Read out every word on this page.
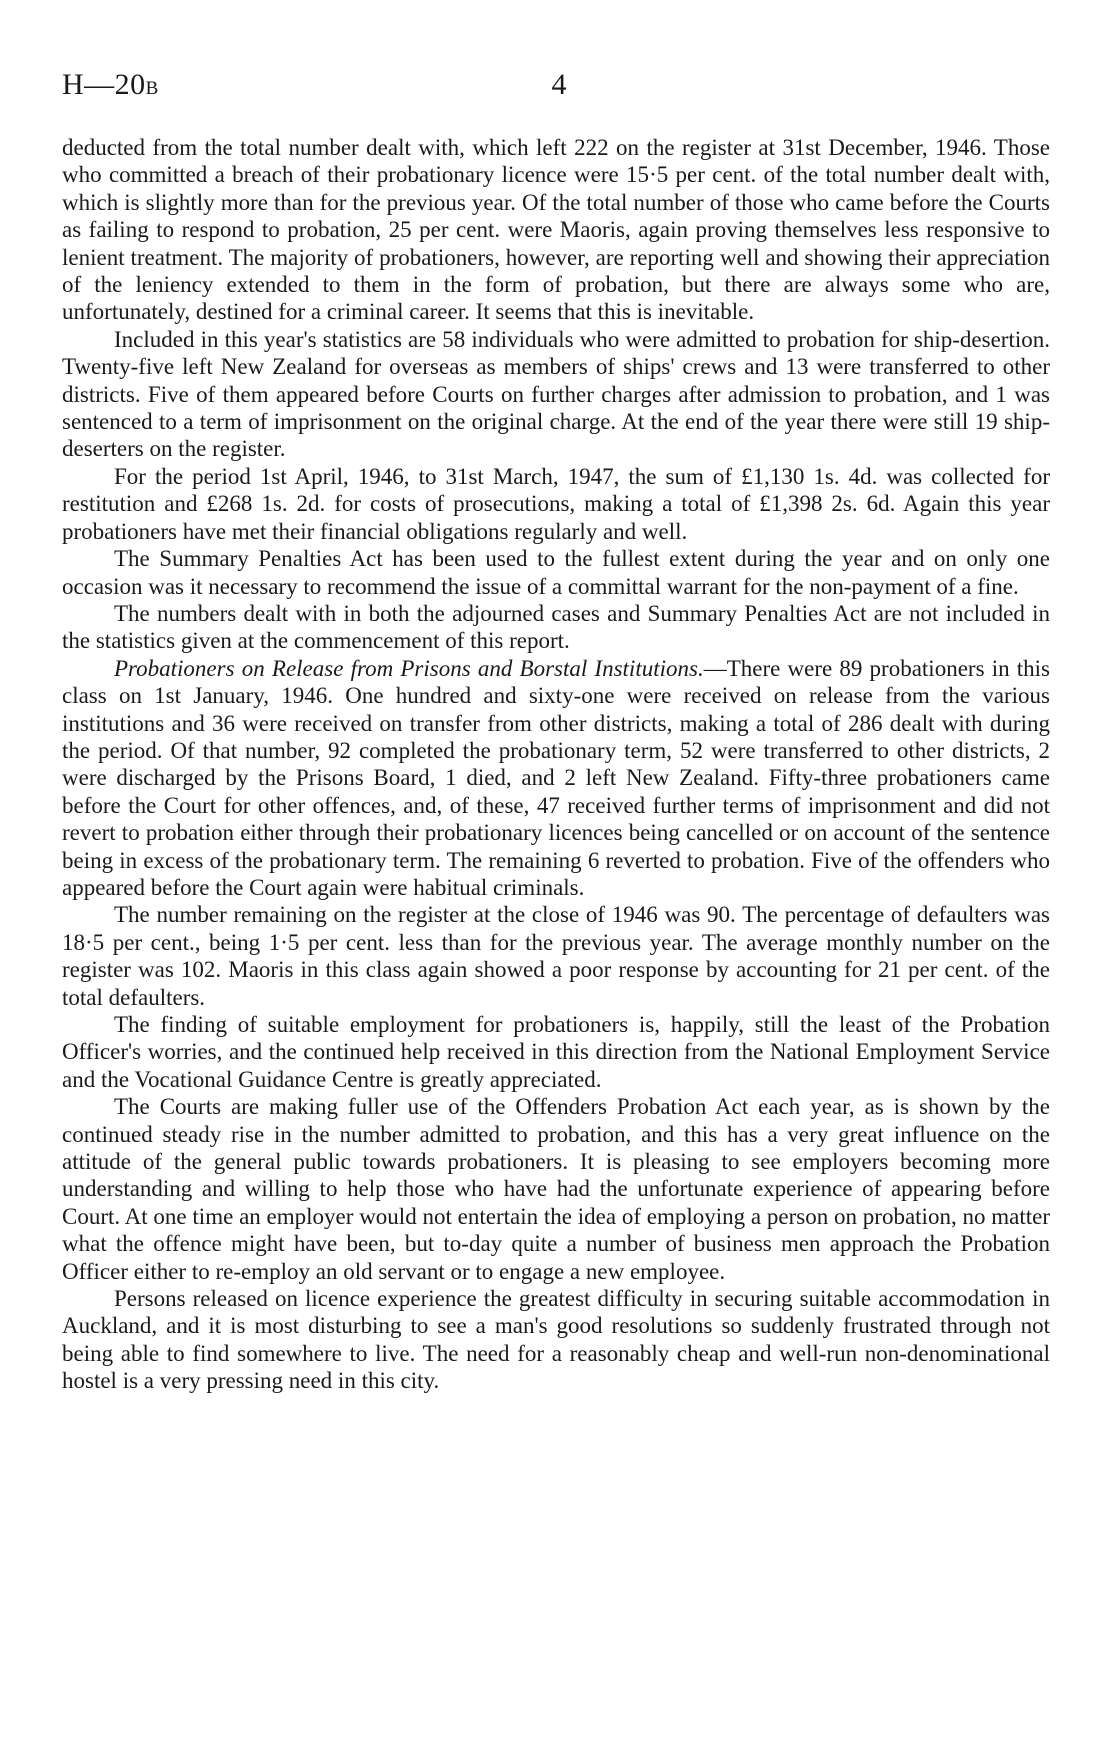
H—20B	4

deducted from the total number dealt with, which left 222 on the register at 31st December, 1946. Those who committed a breach of their probationary licence were 15·5 per cent. of the total number dealt with, which is slightly more than for the previous year. Of the total number of those who came before the Courts as failing to respond to probation, 25 per cent. were Maoris, again proving themselves less responsive to lenient treatment. The majority of probationers, however, are reporting well and showing their appreciation of the leniency extended to them in the form of probation, but there are always some who are, unfortunately, destined for a criminal career. It seems that this is inevitable.

Included in this year's statistics are 58 individuals who were admitted to probation for ship-desertion. Twenty-five left New Zealand for overseas as members of ships' crews and 13 were transferred to other districts. Five of them appeared before Courts on further charges after admission to probation, and 1 was sentenced to a term of imprisonment on the original charge. At the end of the year there were still 19 ship-deserters on the register.

For the period 1st April, 1946, to 31st March, 1947, the sum of £1,130 1s. 4d. was collected for restitution and £268 1s. 2d. for costs of prosecutions, making a total of £1,398 2s. 6d. Again this year probationers have met their financial obligations regularly and well.

The Summary Penalties Act has been used to the fullest extent during the year and on only one occasion was it necessary to recommend the issue of a committal warrant for the non-payment of a fine.

The numbers dealt with in both the adjourned cases and Summary Penalties Act are not included in the statistics given at the commencement of this report.

Probationers on Release from Prisons and Borstal Institutions.—There were 89 probationers in this class on 1st January, 1946. One hundred and sixty-one were received on release from the various institutions and 36 were received on transfer from other districts, making a total of 286 dealt with during the period. Of that number, 92 completed the probationary term, 52 were transferred to other districts, 2 were discharged by the Prisons Board, 1 died, and 2 left New Zealand. Fifty-three probationers came before the Court for other offences, and, of these, 47 received further terms of imprisonment and did not revert to probation either through their probationary licences being cancelled or on account of the sentence being in excess of the probationary term. The remaining 6 reverted to probation. Five of the offenders who appeared before the Court again were habitual criminals.

The number remaining on the register at the close of 1946 was 90. The percentage of defaulters was 18·5 per cent., being 1·5 per cent. less than for the previous year. The average monthly number on the register was 102. Maoris in this class again showed a poor response by accounting for 21 per cent. of the total defaulters.

The finding of suitable employment for probationers is, happily, still the least of the Probation Officer's worries, and the continued help received in this direction from the National Employment Service and the Vocational Guidance Centre is greatly appreciated.

The Courts are making fuller use of the Offenders Probation Act each year, as is shown by the continued steady rise in the number admitted to probation, and this has a very great influence on the attitude of the general public towards probationers. It is pleasing to see employers becoming more understanding and willing to help those who have had the unfortunate experience of appearing before Court. At one time an employer would not entertain the idea of employing a person on probation, no matter what the offence might have been, but to-day quite a number of business men approach the Probation Officer either to re-employ an old servant or to engage a new employee.

Persons released on licence experience the greatest difficulty in securing suitable accommodation in Auckland, and it is most disturbing to see a man's good resolutions so suddenly frustrated through not being able to find somewhere to live. The need for a reasonably cheap and well-run non-denominational hostel is a very pressing need in this city.
